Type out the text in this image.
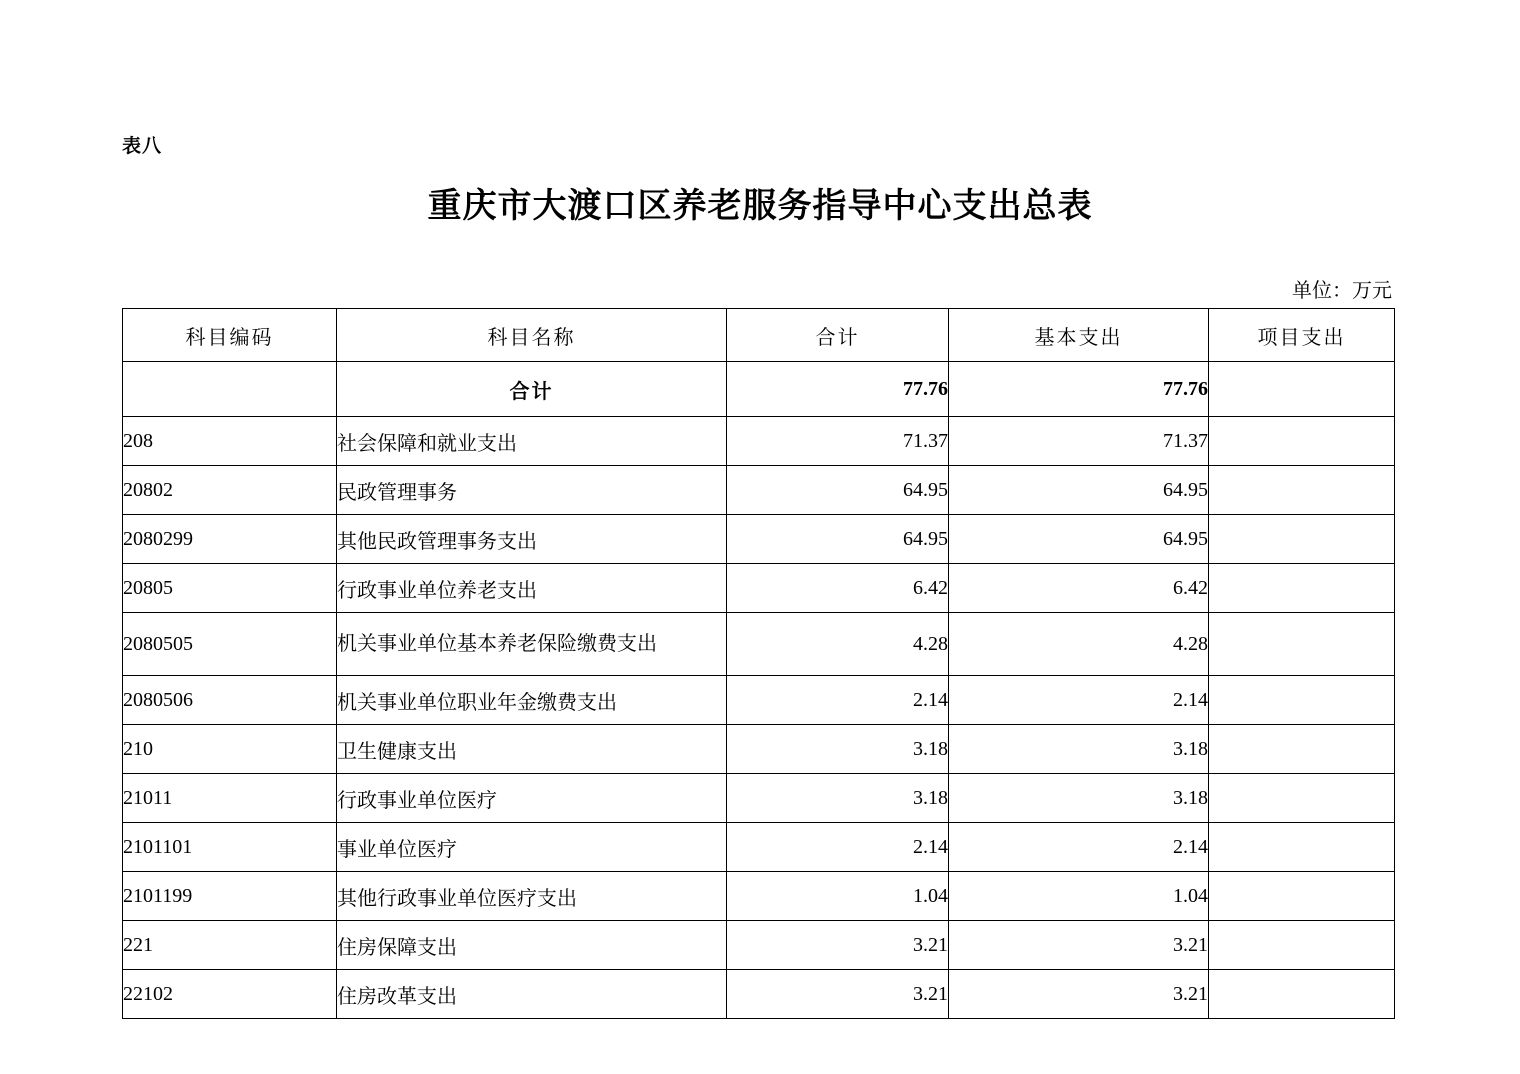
表八
重庆市大渡口区养老服务指导中心支出总表
单位：万元
科目编码	科目名称	合计	基本支出	项目支出
	合计	77.76	77.76	
208	社会保障和就业支出	71.37	71.37	
20802	民政管理事务	64.95	64.95	
2080299	其他民政管理事务支出	64.95	64.95	
20805	行政事业单位养老支出	6.42	6.42	
2080505	机关事业单位基本养老保险缴费支出	4.28	4.28	
2080506	机关事业单位职业年金缴费支出	2.14	2.14	
210	卫生健康支出	3.18	3.18	
21011	行政事业单位医疗	3.18	3.18	
2101101	事业单位医疗	2.14	2.14	
2101199	其他行政事业单位医疗支出	1.04	1.04	
221	住房保障支出	3.21	3.21	
22102	住房改革支出	3.21	3.21	
